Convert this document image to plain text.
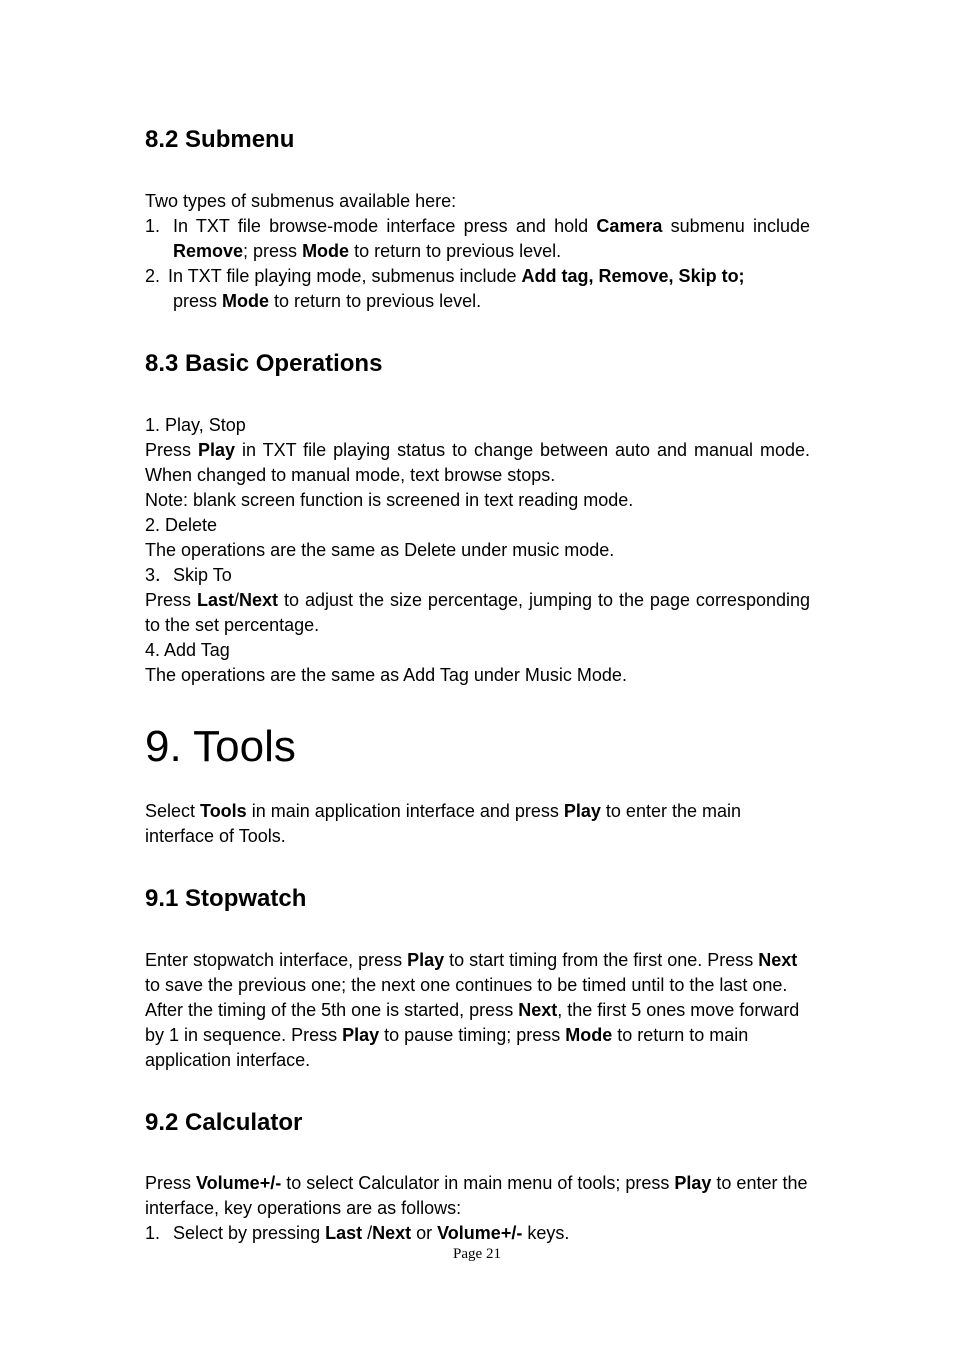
8.2 Submenu

Two types of submenus available here:

1. In TXT file browse-mode interface press and hold Camera submenu include Remove; press Mode to return to previous level.
2. In TXT file playing mode, submenus include Add tag, Remove, Skip to;
press Mode to return to previous level.
8.3 Basic Operations

1. Play, Stop

Press Play in TXT file playing status to change between auto and manual mode. When changed to manual mode, text browse stops.

Note: blank screen function is screened in text reading mode.

2. Delete

The operations are the same as Delete under music mode.

3．Skip To

Press Last/Next to adjust the size percentage, jumping to the page corresponding to the set percentage.

4. Add Tag

The operations are the same as Add Tag under Music Mode.

9. Tools

Select Tools in main application interface and press Play to enter the main interface of Tools.

9.1 Stopwatch

Enter stopwatch interface, press Play to start timing from the first one. Press Next to save the previous one; the next one continues to be timed until to the last one. After the timing of the 5th one is started, press Next, the first 5 ones move forward by 1 in sequence. Press Play to pause timing; press Mode to return to main application interface.

9.2 Calculator

Press Volume+/- to select Calculator in main menu of tools; press Play to enter the interface, key operations are as follows:

1. Select by pressing Last /Next or Volume+/- keys.
Page 21
